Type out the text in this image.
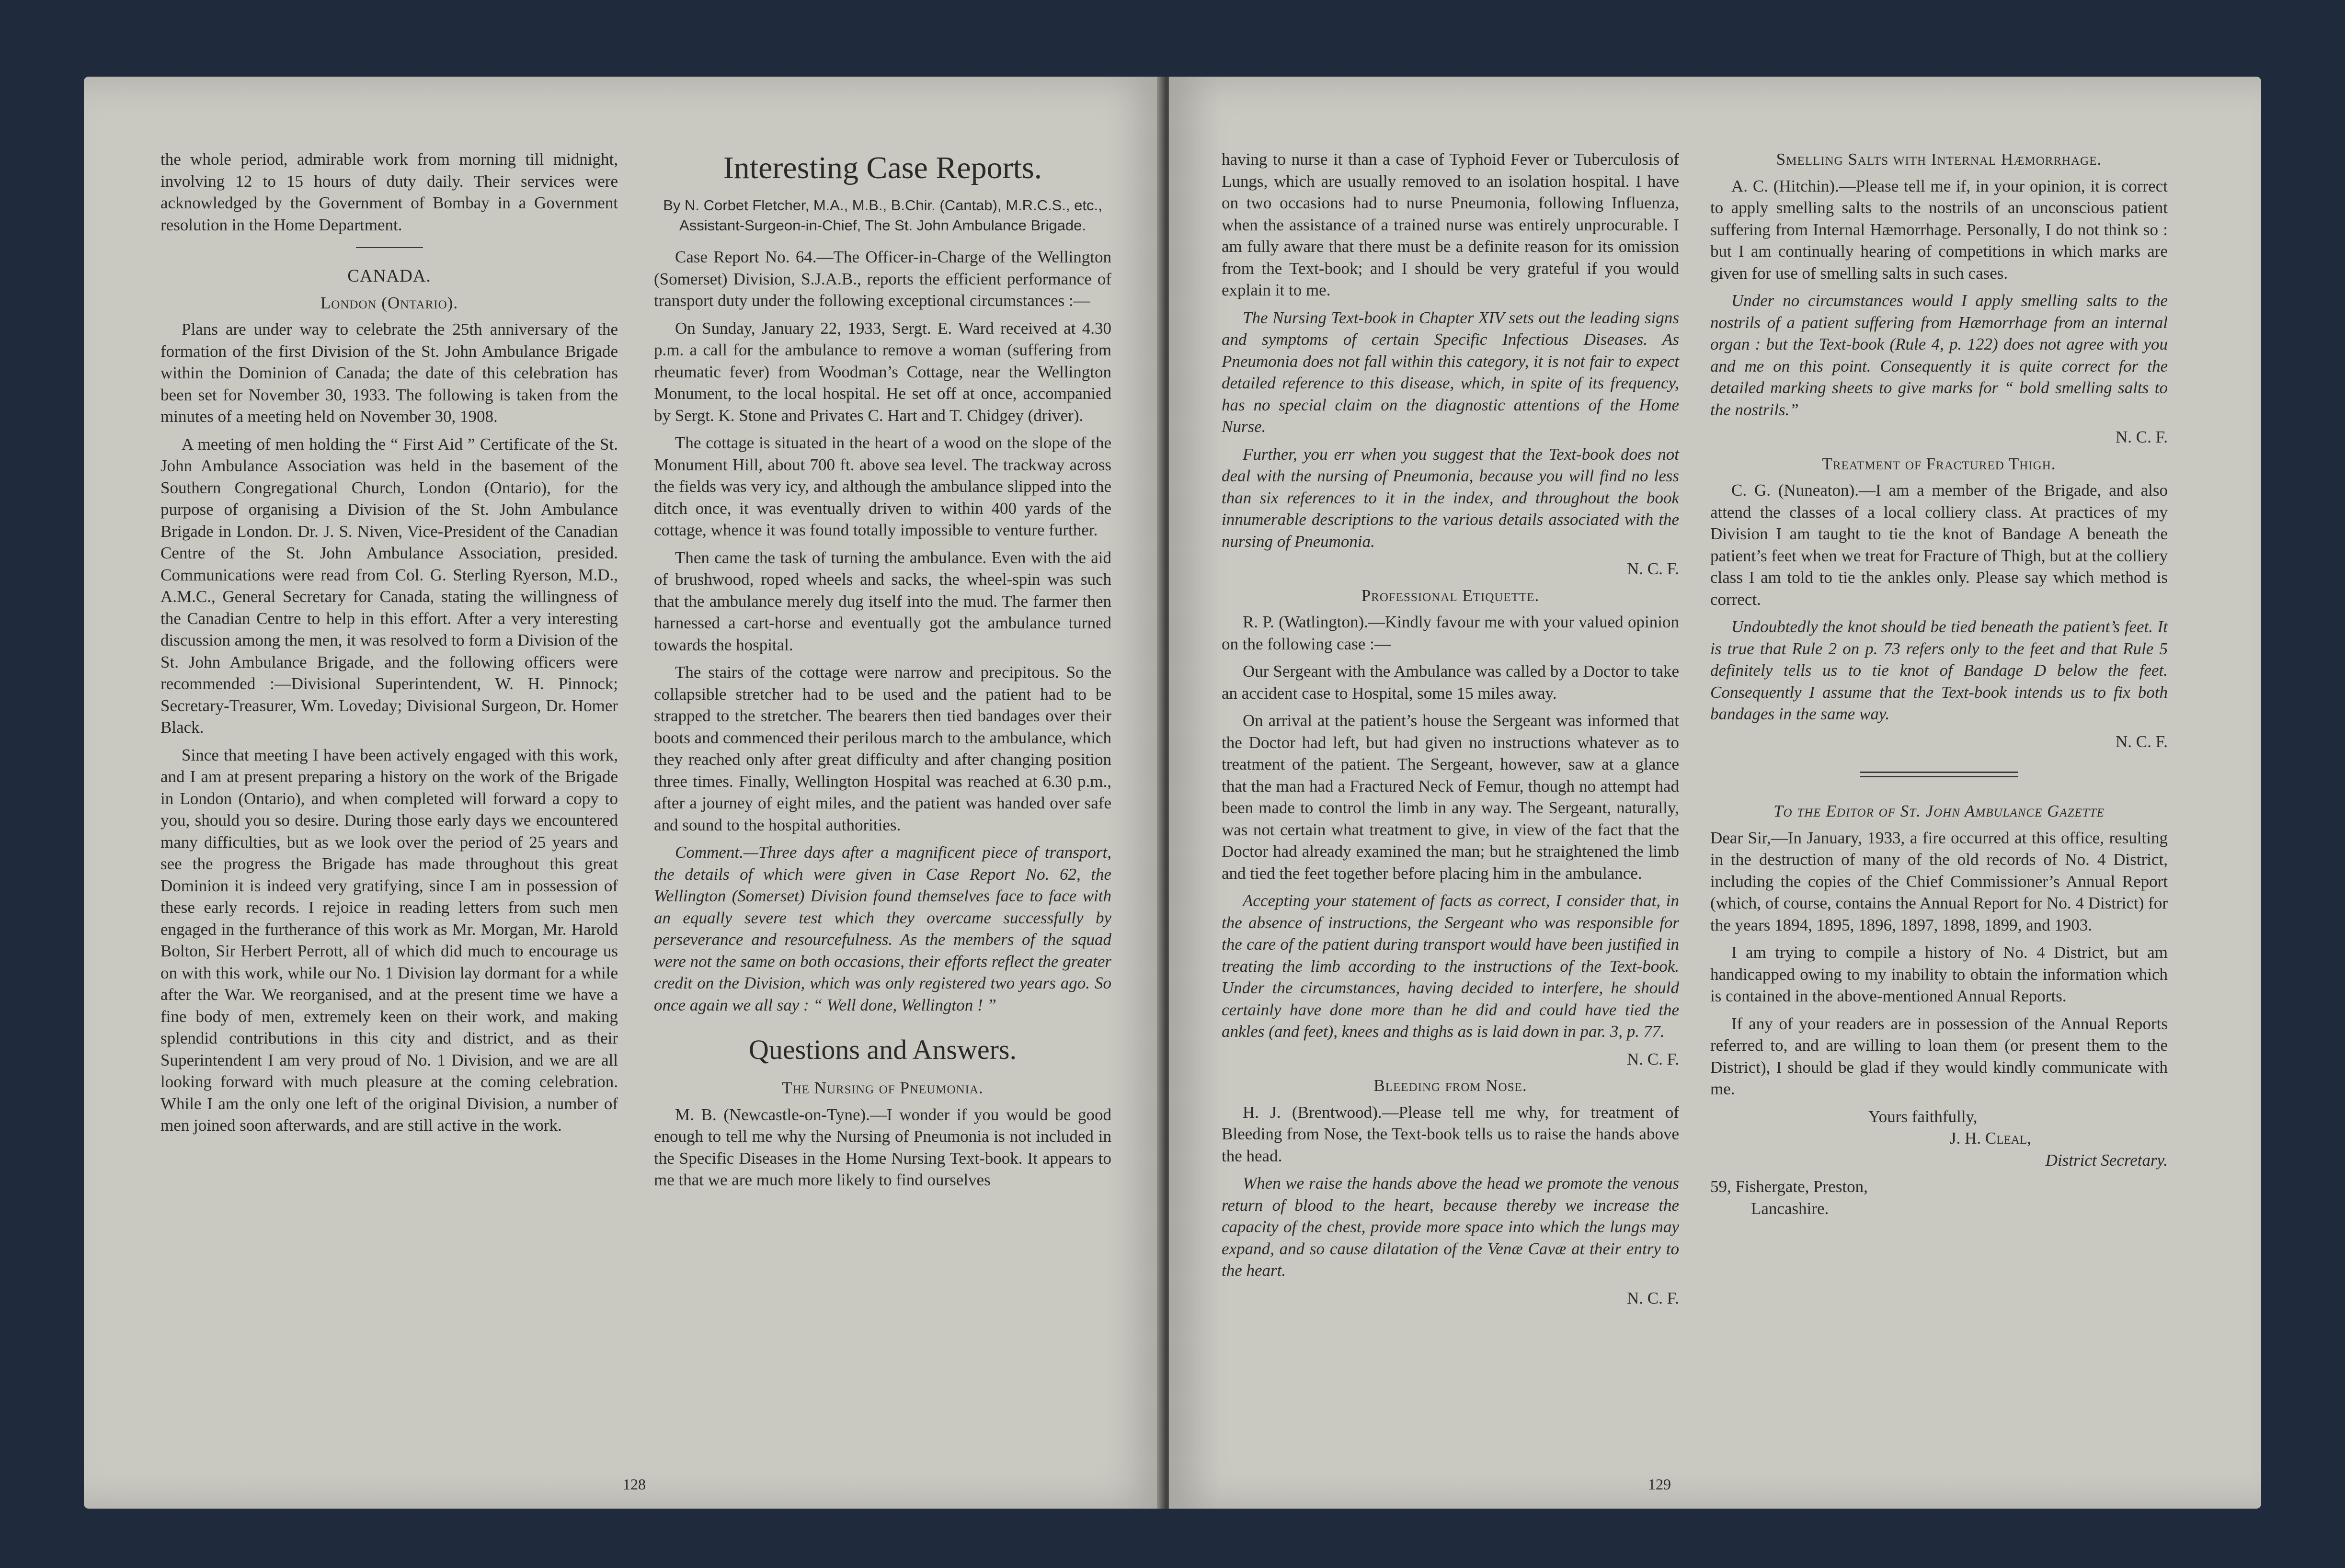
the whole period, admirable work from morning till midnight, involving 12 to 15 hours of duty daily. Their services were acknowledged by the Government of Bombay in a Government resolution in the Home Department.

CANADA.
London (Ontario).

Plans are under way to celebrate the 25th anniversary of the formation of the first Division of the St. John Ambulance Brigade within the Dominion of Canada; the date of this celebration has been set for November 30, 1933. The following is taken from the minutes of a meeting held on November 30, 1908.

A meeting of men holding the “ First Aid ” Certificate of the St. John Ambulance Association was held in the basement of the Southern Congregational Church, London (Ontario), for the purpose of organising a Division of the St. John Ambulance Brigade in London. Dr. J. S. Niven, Vice-President of the Canadian Centre of the St. John Ambulance Association, presided. Communications were read from Col. G. Sterling Ryerson, M.D., A.M.C., General Secretary for Canada, stating the willingness of the Canadian Centre to help in this effort. After a very interesting discussion among the men, it was resolved to form a Division of the St. John Ambulance Brigade, and the following officers were recommended :—Divisional Superintendent, W. H. Pinnock; Secretary-Treasurer, Wm. Loveday; Divisional Surgeon, Dr. Homer Black.

Since that meeting I have been actively engaged with this work, and I am at present preparing a history on the work of the Brigade in London (Ontario), and when completed will forward a copy to you, should you so desire. During those early days we encountered many difficulties, but as we look over the period of 25 years and see the progress the Brigade has made throughout this great Dominion it is indeed very gratifying, since I am in possession of these early records. I rejoice in reading letters from such men engaged in the furtherance of this work as Mr. Morgan, Mr. Harold Bolton, Sir Herbert Perrott, all of which did much to encourage us on with this work, while our No. 1 Division lay dormant for a while after the War. We reorganised, and at the present time we have a fine body of men, extremely keen on their work, and making splendid contributions in this city and district, and as their Superintendent I am very proud of No. 1 Division, and we are all looking forward with much pleasure at the coming celebration. While I am the only one left of the original Division, a number of men joined soon afterwards, and are still active in the work.

Interesting Case Reports.
By N. Corbet Fletcher, M.A., M.B., B.Chir. (Cantab), M.R.C.S., etc., Assistant-Surgeon-in-Chief, The St. John Ambulance Brigade.

Case Report No. 64.—The Officer-in-Charge of the Wellington (Somerset) Division, S.J.A.B., reports the efficient performance of transport duty under the following exceptional circumstances :—

On Sunday, January 22, 1933, Sergt. E. Ward received at 4.30 p.m. a call for the ambulance to remove a woman (suffering from rheumatic fever) from Woodman’s Cottage, near the Wellington Monument, to the local hospital. He set off at once, accompanied by Sergt. K. Stone and Privates C. Hart and T. Chidgey (driver).

The cottage is situated in the heart of a wood on the slope of the Monument Hill, about 700 ft. above sea level. The trackway across the fields was very icy, and although the ambulance slipped into the ditch once, it was eventually driven to within 400 yards of the cottage, whence it was found totally impossible to venture further.

Then came the task of turning the ambulance. Even with the aid of brushwood, roped wheels and sacks, the wheel-spin was such that the ambulance merely dug itself into the mud. The farmer then harnessed a cart-horse and eventually got the ambulance turned towards the hospital.

The stairs of the cottage were narrow and precipitous. So the collapsible stretcher had to be used and the patient had to be strapped to the stretcher. The bearers then tied bandages over their boots and commenced their perilous march to the ambulance, which they reached only after great difficulty and after changing position three times. Finally, Wellington Hospital was reached at 6.30 p.m., after a journey of eight miles, and the patient was handed over safe and sound to the hospital authorities.

Comment.—Three days after a magnificent piece of transport, the details of which were given in Case Report No. 62, the Wellington (Somerset) Division found themselves face to face with an equally severe test which they overcame successfully by perseverance and resourcefulness. As the members of the squad were not the same on both occasions, their efforts reflect the greater credit on the Division, which was only registered two years ago. So once again we all say : “ Well done, Wellington ! ”

Questions and Answers.
The Nursing of Pneumonia.

M. B. (Newcastle-on-Tyne).—I wonder if you would be good enough to tell me why the Nursing of Pneumonia is not included in the Specific Diseases in the Home Nursing Text-book. It appears to me that we are much more likely to find ourselves

128

having to nurse it than a case of Typhoid Fever or Tuberculosis of Lungs, which are usually removed to an isolation hospital. I have on two occasions had to nurse Pneumonia, following Influenza, when the assistance of a trained nurse was entirely unprocurable. I am fully aware that there must be a definite reason for its omission from the Text-book; and I should be very grateful if you would explain it to me.

The Nursing Text-book in Chapter XIV sets out the leading signs and symptoms of certain Specific Infectious Diseases. As Pneumonia does not fall within this category, it is not fair to expect detailed reference to this disease, which, in spite of its frequency, has no special claim on the diagnostic attentions of the Home Nurse.

Further, you err when you suggest that the Text-book does not deal with the nursing of Pneumonia, because you will find no less than six references to it in the index, and throughout the book innumerable descriptions to the various details associated with the nursing of Pneumonia.

N. C. F.
Professional Etiquette.

R. P. (Watlington).—Kindly favour me with your valued opinion on the following case :—

Our Sergeant with the Ambulance was called by a Doctor to take an accident case to Hospital, some 15 miles away.

On arrival at the patient’s house the Sergeant was informed that the Doctor had left, but had given no instructions whatever as to treatment of the patient. The Sergeant, however, saw at a glance that the man had a Fractured Neck of Femur, though no attempt had been made to control the limb in any way. The Sergeant, naturally, was not certain what treatment to give, in view of the fact that the Doctor had already examined the man; but he straightened the limb and tied the feet together before placing him in the ambulance.

Accepting your statement of facts as correct, I consider that, in the absence of instructions, the Sergeant who was responsible for the care of the patient during transport would have been justified in treating the limb according to the instructions of the Text-book. Under the circumstances, having decided to interfere, he should certainly have done more than he did and could have tied the ankles (and feet), knees and thighs as is laid down in par. 3, p. 77.

N. C. F.
Bleeding from Nose.

H. J. (Brentwood).—Please tell me why, for treatment of Bleeding from Nose, the Text-book tells us to raise the hands above the head.

When we raise the hands above the head we promote the venous return of blood to the heart, because thereby we increase the capacity of the chest, provide more space into which the lungs may expand, and so cause dilatation of the Venæ Cavæ at their entry to the heart.

N. C. F.
Smelling Salts with Internal Hæmorrhage.

A. C. (Hitchin).—Please tell me if, in your opinion, it is correct to apply smelling salts to the nostrils of an unconscious patient suffering from Internal Hæmorrhage. Personally, I do not think so : but I am continually hearing of competitions in which marks are given for use of smelling salts in such cases.

Under no circumstances would I apply smelling salts to the nostrils of a patient suffering from Hæmorrhage from an internal organ : but the Text-book (Rule 4, p. 122) does not agree with you and me on this point. Consequently it is quite correct for the detailed marking sheets to give marks for “ bold smelling salts to the nostrils.”

N. C. F.
Treatment of Fractured Thigh.

C. G. (Nuneaton).—I am a member of the Brigade, and also attend the classes of a local colliery class. At practices of my Division I am taught to tie the knot of Bandage A beneath the patient’s feet when we treat for Fracture of Thigh, but at the colliery class I am told to tie the ankles only. Please say which method is correct.

Undoubtedly the knot should be tied beneath the patient’s feet. It is true that Rule 2 on p. 73 refers only to the feet and that Rule 5 definitely tells us to tie knot of Bandage D below the feet. Consequently I assume that the Text-book intends us to fix both bandages in the same way.

N. C. F.
To the Editor of St. John Ambulance Gazette

Dear Sir,—In January, 1933, a fire occurred at this office, resulting in the destruction of many of the old records of No. 4 District, including the copies of the Chief Commissioner’s Annual Report (which, of course, contains the Annual Report for No. 4 District) for the years 1894, 1895, 1896, 1897, 1898, 1899, and 1903.

I am trying to compile a history of No. 4 District, but am handicapped owing to my inability to obtain the information which is contained in the above-mentioned Annual Reports.

If any of your readers are in possession of the Annual Reports referred to, and are willing to loan them (or present them to the District), I should be glad if they would kindly communicate with me.

Yours faithfully,
J. H. Cleal,
District Secretary.
59, Fishergate, Preston,
Lancashire.
129
